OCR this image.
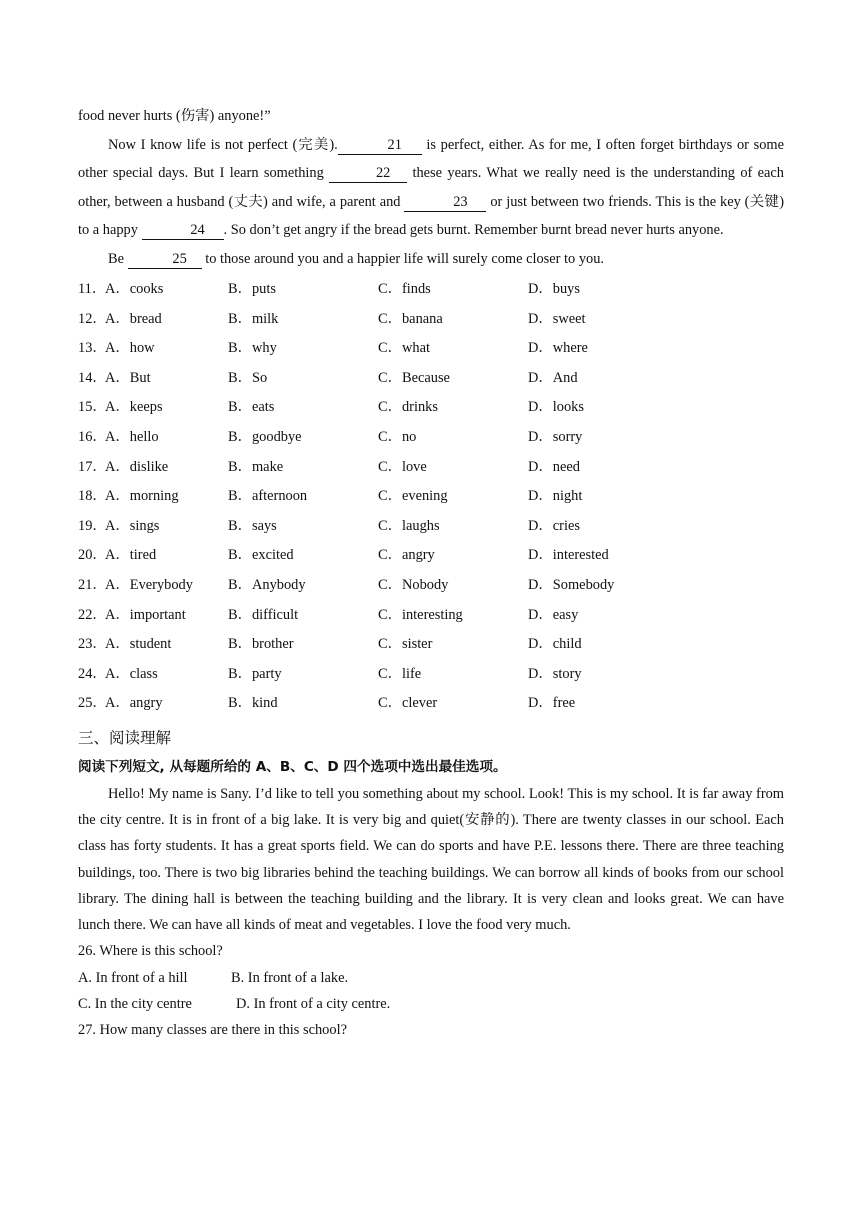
food never hurts (伤害) anyone!”

Now I know life is not perfect (完美).	21 is perfect, either. As for me, I often forget birthdays or some other special days. But I learn something	22 these years. What we really need is the understanding of each other, between a husband (丈夫) and wife, a parent and	23 or just between two friends. This is the key (关键) to a happy	24 . So don’t get angry if the bread gets burnt. Remember burnt bread never hurts anyone.

Be	25 to those around you and a happier life will surely come closer to you.

11．
A．cooks	B．puts	C．finds	D．buys
12．
A．bread	B．milk	C．banana	D．sweet
13．
A．how	B．why	C．what	D．where
14．
A．But	B．So	C．Because	D．And
15．
A．keeps	B．eats	C．drinks	D．looks
16．
A．hello	B．goodbye	C．no	D．sorry
17．
A．dislike	B．make	C．love	D．need
18．
A．morning	B．afternoon	C．evening	D．night
19．
A．sings	B．says	C．laughs	D．cries
20．
A．tired	B．excited	C．angry	D．interested
21．
A．Everybody B．Anybody	C．Nobody	D．Somebody
22．
A．important	B．difficult	C．interesting	D．easy
23．
A．student	B．brother	C．sister	D．child
24．
A．class	B．party	C．life	D．story
25．
A．angry	B．kind	C．clever	D．free
三、阅读理解
阅读下列短文, 从每题所给的 A、B、C、D 四个选项中选出最佳选项。

Hello! My name is Sany. I’d like to tell you something about my school. Look! This is my school. It is far away from the city centre. It is in front of a big lake. It is very big and quiet(安静的). There are twenty classes in our school. Each class has forty students. It has a great sports field. We can do sports and have P.E. lessons there. There are three teaching buildings, too. There is two big libraries behind the teaching buildings. We can borrow all kinds of books from our school library. The dining hall is between the teaching building and the library. It is very clean and looks great. We can have lunch there. We can have all kinds of meat and vegetables. I love the food very much.

26. Where is this school?
A. In front of a hill	B. In front of a lake.
C. In the city centre	D. In front of a city centre.
27. How many classes are there in this school?
